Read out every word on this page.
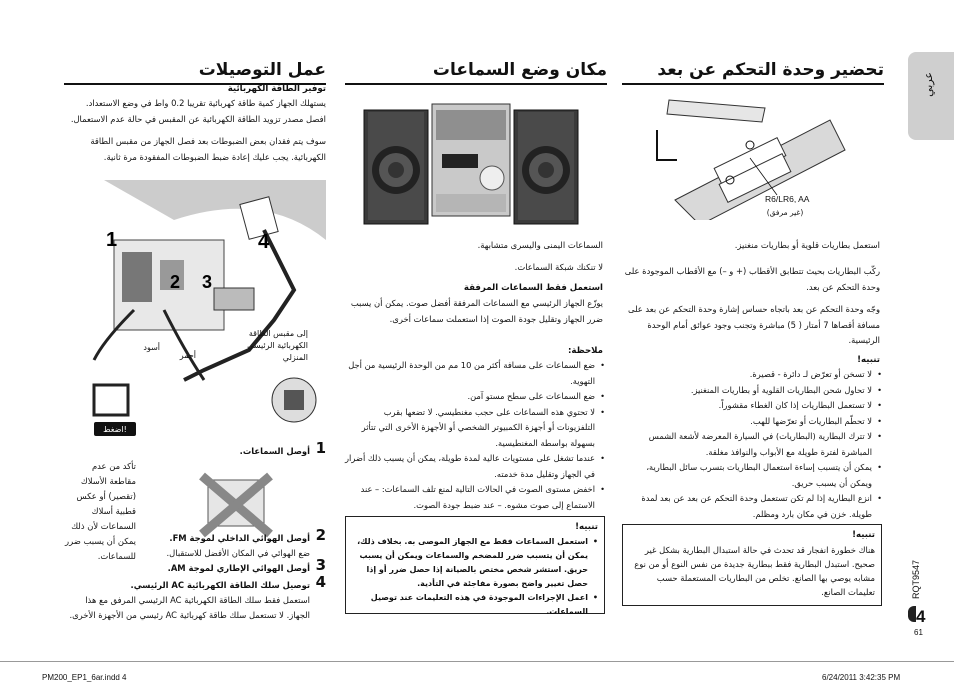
عربي
RQT9547
4
61
تحضير وحدة التحكم عن بعد
R6/LR6, AA
(غير مرفق)
استعمل بطاريات قلوية أو بطاريات منغنيز.
ركّب البطاريات بحيث تتطابق الأقطاب (+ و –) مع الأقطاب الموجودة على وحدة التحكم عن بعد.
وجّه وحدة التحكم عن بعد باتجاه حساس إشارة وحدة التحكم عن بعد على مسافة أقصاها 7 أمتار ( 5) مباشرة وتجنب وجود عوائق أمام الوحدة الرئيسية.
تنبيه!
• لا تسخن أو تعرّض لـ دائرة - قصيرة.
• لا تحاول شحن البطاريات القلوية أو بطاريات المنغنيز.
• لا تستعمل البطاريات إذا كان الغطاء مقشوراً.
• لا تحطّم البطاريات أو تعرّضها للهب.
• لا تترك البطارية (البطاريات) في السيارة المعرضة لأشعة الشمس المباشرة لفترة طويلة مع الأبواب والنوافذ مغلقة.
• يمكن أن يتسبب إساءة استعمال البطاريات بتسرب سائل البطارية، ويمكن أن يسبب حريق.
• انزع البطارية إذا لم تكن تستعمل وحدة التحكم عن بعد عن بعد لمدة طويلة. خزن في مكان بارد ومظلم.
تنبيه!
هناك خطورة انفجار قد تحدث في حالة استبدال البطارية بشكل غير صحيح. استبدل البطارية فقط ببطارية جديدة من نفس النوع أو من نوع مشابه يوصي بها الصانع. تخلص من البطاريات المستعملة حسب تعليمات الصانع.
مكان وضع السماعات
السماعات اليمنى واليسرى متشابهة.
لا تنكنك شبكة السماعات.
استعمل فقط السماعات المرفقة
يوزّع الجهاز الرئيسي مع السماعات المرفقة أفضل صوت. يمكن أن يسبب ضرر الجهاز وتقليل جودة الصوت إذا استعملت سماعات أخرى.
ملاحظة:
• ضع السماعات على مسافة أكثر من 10 مم من الوحدة الرئيسية من أجل التهوية.
• ضع السماعات على سطح مستو آمن.
• لا تحتوي هذه السماعات على حجب مغنطيسي. لا تضعها بقرب التلفزيونات أو أجهزة الكمبيوتر الشخصي أو الأجهزة الأخرى التي تتأثر بسهولة بواسطة المغنطيسية.
• عندما تشغل على مستويات عالية لمدة طويلة، يمكن أن يسبب ذلك أضرار في الجهاز وتقليل مدة خدمته.
• اخفض مستوى الصوت في الحالات التالية لمنع تلف السماعات: – عند الاستماع إلى صوت مشوه. – عند ضبط جودة الصوت.
تنبيه!
• استعمل السماعات فقط مع الجهاز الموصى به. بخلاف ذلك، يمكن أن يتسبب ضرر للمضخم والسماعات ويمكن أن يسبب حريق. استشر شخص مختص بالصيانة إذا حصل ضرر أو إذا حصل تغيير واضح بصورة مفاجئة في التأدية.
• اعمل الإجراءات الموجودة في هذه التعليمات عند توصيل السماعات.
عمل التوصيلات
توفير الطاقة الكهربائية
يستهلك الجهاز كمية طاقة كهربائية تقريبا 0.2 واط في وضع الاستعداد. افصل مصدر تزويد الطاقة الكهربائية عن المقبس في حالة عدم الاستعمال.
سوف يتم فقدان بعض الضبوطات بعد فصل الجهاز من مقبس الطاقة الكهربائية. يجب عليك إعادة ضبط الضبوطات المفقودة مرة ثانية.
اضغط!
1
2 3
4
إلى مقبس الطاقة الكهربائية الرئيسي المنزلي
أسود
أحمر
1
أوصل السماعات.
تأكد من عدم مقاطعة الأسلاك (تقصير) أو عكس قطبية أسلاك السماعات لأن ذلك يمكن أن يسبب ضرر للسماعات.
2
أوصل الهوائي الداخلي لموجة FM.
ضع الهوائي في المكان الأفضل للاستقبال.
3
أوصل الهوائي الإطاري لموجة AM.
4
توصيل سلك الطاقة الكهربائية AC الرئيسي.
استعمل فقط سلك الطاقة الكهربائية AC الرئيسي المرفق مع هذا الجهاز. لا تستعمل سلك طاقة كهربائية AC رئيسي من الأجهزة الأخرى.
PM200_EP1_6ar.indd 4	6/24/2011 3:42:35 PM
